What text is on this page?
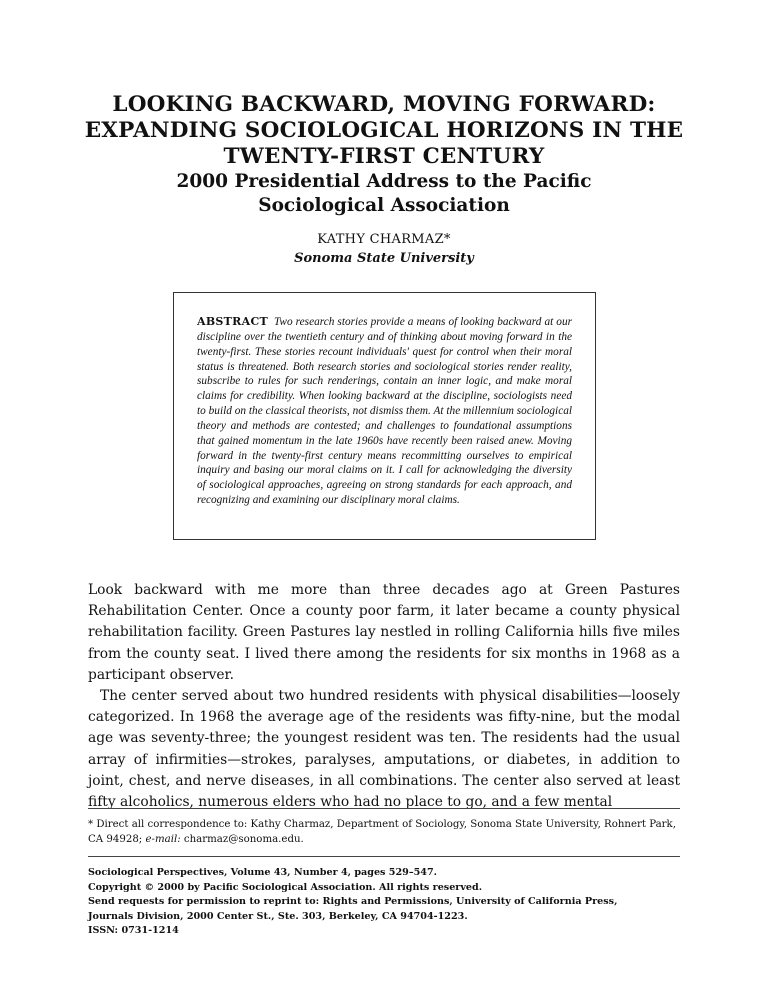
LOOKING BACKWARD, MOVING FORWARD:
EXPANDING SOCIOLOGICAL HORIZONS IN THE
TWENTY-FIRST CENTURY
2000 Presidential Address to the Pacific
Sociological Association
KATHY CHARMAZ*
Sonoma State University
ABSTRACT Two research stories provide a means of looking backward at our discipline over the twentieth century and of thinking about moving forward in the twenty-first. These stories recount individuals' quest for control when their moral status is threatened. Both research stories and sociological stories render reality, subscribe to rules for such renderings, contain an inner logic, and make moral claims for credibility. When looking backward at the discipline, sociologists need to build on the classical theorists, not dismiss them. At the millennium sociological theory and methods are contested; and challenges to foundational assumptions that gained momentum in the late 1960s have recently been raised anew. Moving forward in the twenty-first century means recommitting ourselves to empirical inquiry and basing our moral claims on it. I call for acknowledging the diversity of sociological approaches, agreeing on strong standards for each approach, and recognizing and examining our disciplinary moral claims.

Look backward with me more than three decades ago at Green Pastures Rehabilitation Center. Once a county poor farm, it later became a county physical rehabilitation facility. Green Pastures lay nestled in rolling California hills five miles from the county seat. I lived there among the residents for six months in 1968 as a participant observer.

The center served about two hundred residents with physical disabilities—loosely categorized. In 1968 the average age of the residents was fifty-nine, but the modal age was seventy-three; the youngest resident was ten. The residents had the usual array of infirmities—strokes, paralyses, amputations, or diabetes, in addition to joint, chest, and nerve diseases, in all combinations. The center also served at least fifty alcoholics, numerous elders who had no place to go, and a few mental

* Direct all correspondence to: Kathy Charmaz, Department of Sociology, Sonoma State University, Rohnert Park, CA 94928; e-mail: charmaz@sonoma.edu.
Sociological Perspectives, Volume 43, Number 4, pages 529–547.
Copyright © 2000 by Pacific Sociological Association. All rights reserved.
Send requests for permission to reprint to: Rights and Permissions, University of California Press,
Journals Division, 2000 Center St., Ste. 303, Berkeley, CA 94704-1223.
ISSN: 0731-1214
